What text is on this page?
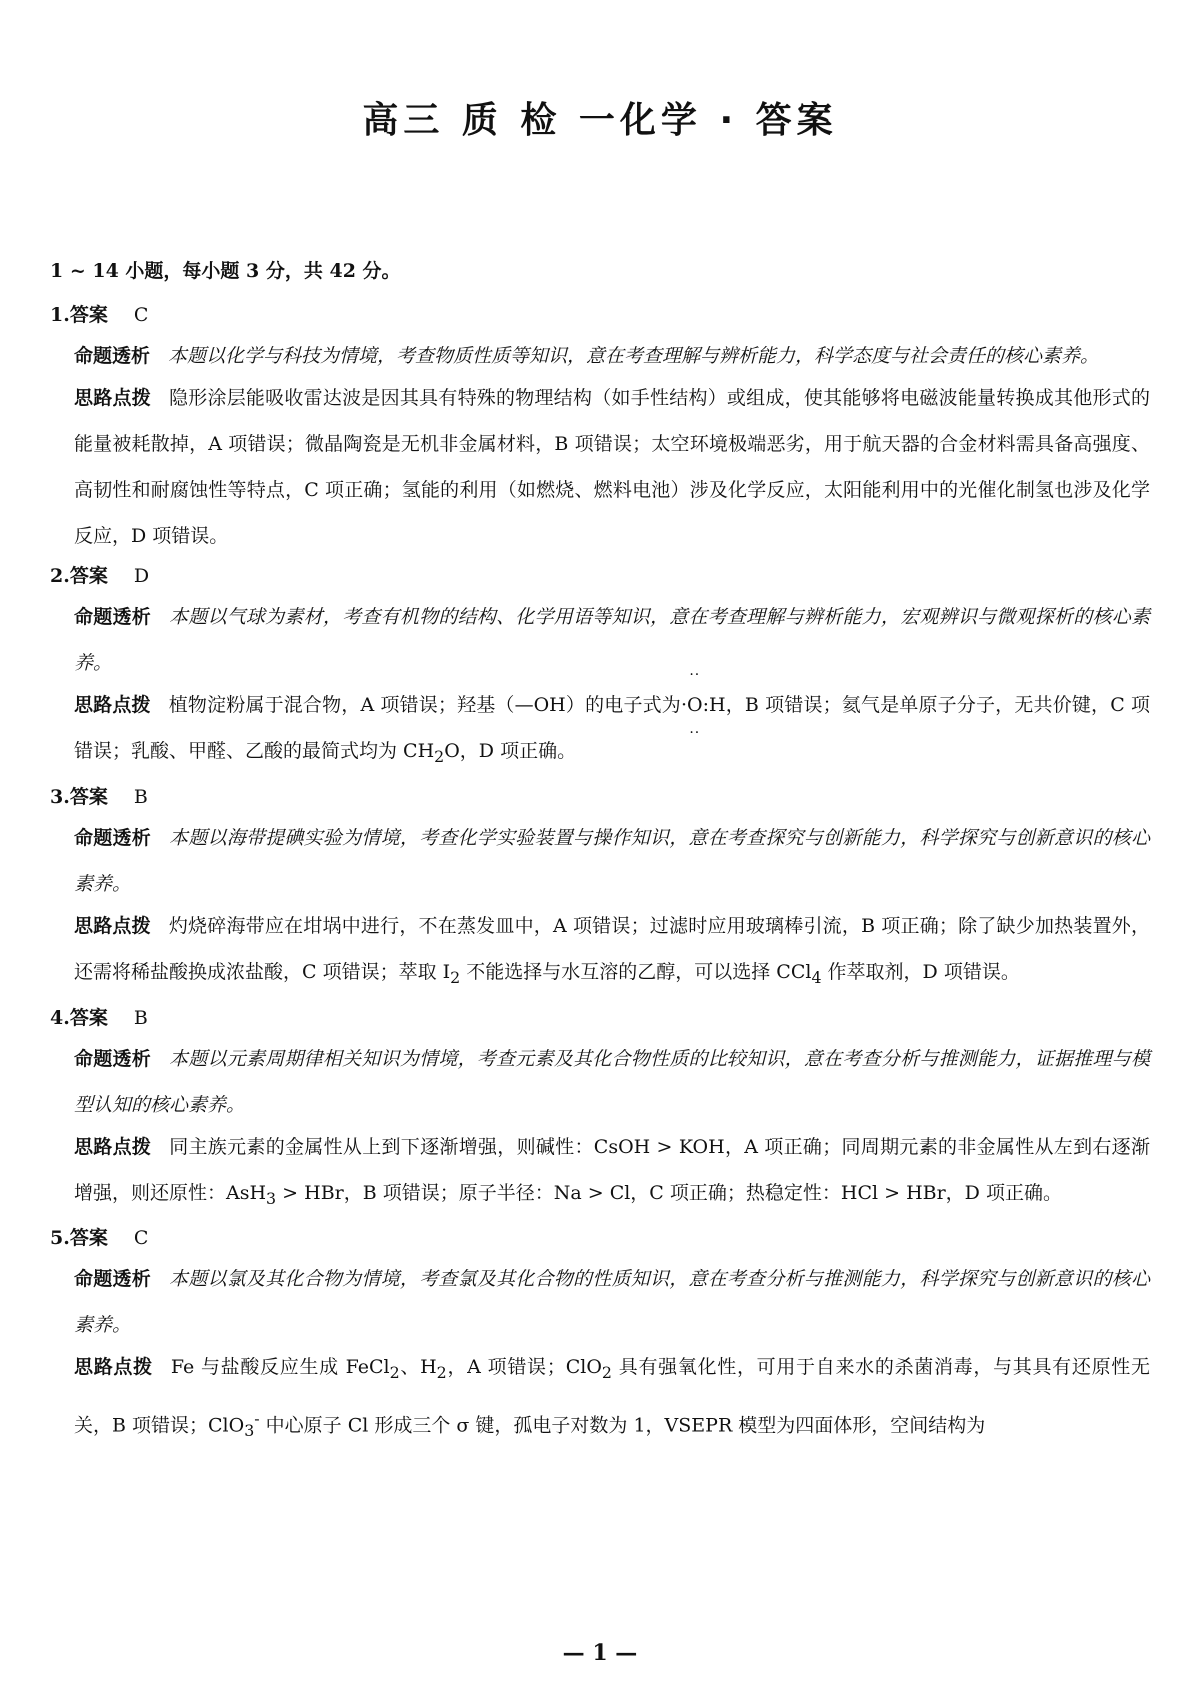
高三 质 检 一化学 · 答案
1 ~ 14 小题，每小题 3 分，共 42 分。
1.答案 C
命题透析 本题以化学与科技为情境，考查物质性质等知识，意在考查理解与辨析能力，科学态度与社会责任的核心素养。
思路点拨 隐形涂层能吸收雷达波是因其具有特殊的物理结构（如手性结构）或组成，使其能够将电磁波能量转换成其他形式的能量被耗散掉，A 项错误；微晶陶瓷是无机非金属材料，B 项错误；太空环境极端恶劣，用于航天器的合金材料需具备高强度、高韧性和耐腐蚀性等特点，C 项正确；氢能的利用（如燃烧、燃料电池）涉及化学反应，太阳能利用中的光催化制氢也涉及化学反应，D 项错误。
2.答案 D
命题透析 本题以气球为素材，考查有机物的结构、化学用语等知识，意在考查理解与辨析能力，宏观辨识与微观探析的核心素养。
思路点拨 植物淀粉属于混合物，A 项错误；羟基（—OH）的电子式为··· O ··:H，B 项错误；氦气是单原子分子，无共价键，C 项错误；乳酸、甲醛、乙酸的最简式均为 $CH_2O$，D 项正确。
3.答案 B
命题透析 本题以海带提碘实验为情境，考查化学实验装置与操作知识，意在考查探究与创新能力，科学探究与创新意识的核心素养。
思路点拨 灼烧碎海带应在坩埚中进行，不在蒸发皿中，A 项错误；过滤时应用玻璃棒引流，B 项正确；除了缺少加热装置外，还需将稀盐酸换成浓盐酸，C 项错误；萃取 $I_2$ 不能选择与水互溶的乙醇，可以选择 CCl$_4$ 作萃取剂，D 项错误。
4.答案 B
命题透析 本题以元素周期律相关知识为情境，考查元素及其化合物性质的比较知识，意在考查分析与推测能力，证据推理与模型认知的核心素养。
思路点拨 同主族元素的金属性从上到下逐渐增强，则碱性：CsOH > KOH，A 项正确；同周期元素的非金属性从左到右逐渐增强，则还原性：AsH$_3$ > HBr，B 项错误；原子半径：Na > Cl，C 项正确；热稳定性：HCl > HBr，D 项正确。
5.答案 C
命题透析 本题以氯及其化合物为情境，考查氯及其化合物的性质知识，意在考查分析与推测能力，科学探究与创新意识的核心素养。
思路点拨 Fe 与盐酸反应生成 FeCl$_2$、$H_2$，A 项错误；ClO$_2$ 具有强氧化性，可用于自来水的杀菌消毒，与其具有还原性无关，B 项错误；ClO$_3$- 中心原子 Cl 形成三个 σ 键，孤电子对数为 1，VSEPR 模型为四面体形，空间结构为
— 1 —
